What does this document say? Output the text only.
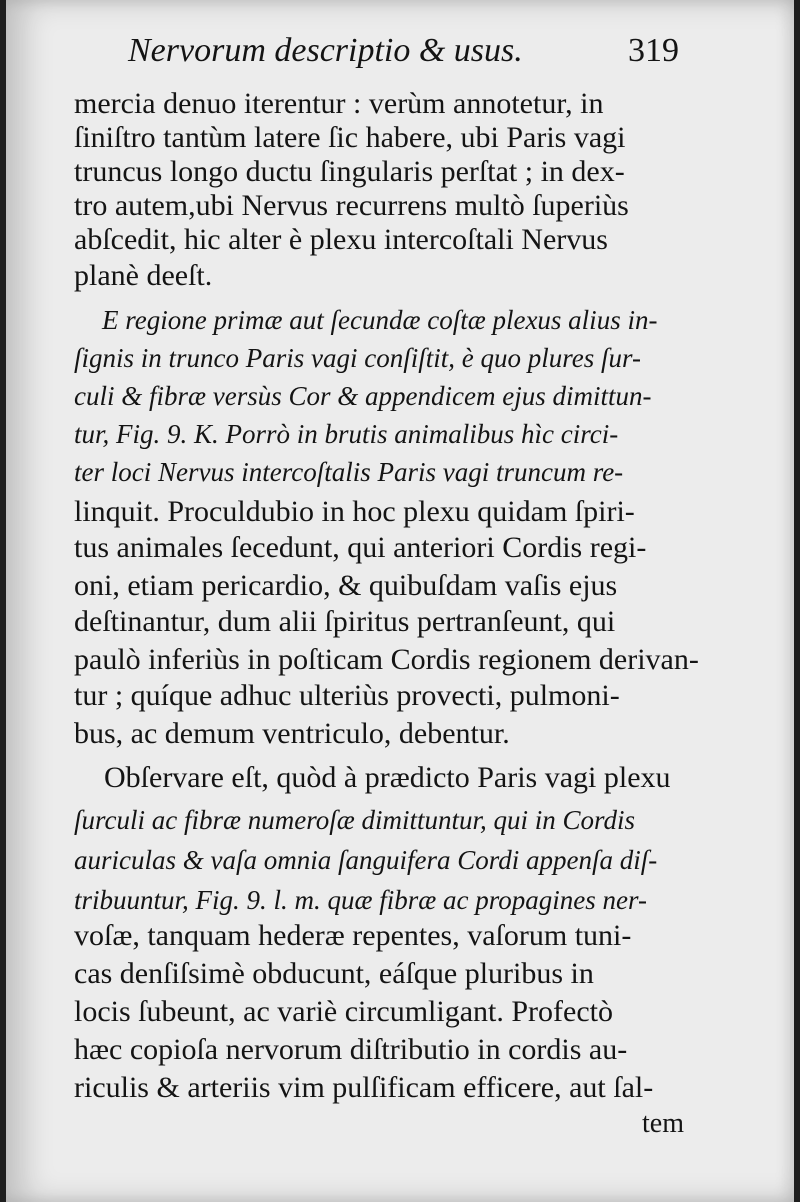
Nervorum descriptio & usus.	319

mercia denuo iterentur : verùm annotetur, in

ſiniſtro tantùm latere ſic habere, ubi Paris vagi

truncus longo ductu ſingularis perſtat ; in dex-

tro autem,ubi Nervus recurrens multò ſuperiùs

abſcedit, hic alter è plexu intercoſtali Nervus

planè deeſt.

E regione primæ aut ſecundæ coſtæ plexus alius in-

ſignis in trunco Paris vagi conſiſtit, è quo plures ſur-

culi & fibræ versùs Cor & appendicem ejus dimittun-

tur, Fig. 9. K. Porrò in brutis animalibus hìc circi-

ter loci Nervus intercoſtalis Paris vagi truncum re-

linquit. Proculdubio in hoc plexu quidam ſpiri-

tus animales ſecedunt, qui anteriori Cordis regi-

oni, etiam pericardio, & quibuſdam vaſis ejus

deſtinantur, dum alii ſpiritus pertranſeunt, qui

paulò inferiùs in poſticam Cordis regionem derivan-

tur ; quíque adhuc ulteriùs provecti, pulmoni-

bus, ac demum ventriculo, debentur.

Obſervare eſt, quòd à prædicto Paris vagi plexu

ſurculi ac fibræ numeroſæ dimittuntur, qui in Cordis

auriculas & vaſa omnia ſanguifera Cordi appenſa diſ-

tribuuntur, Fig. 9. l. m. quæ fibræ ac propagines ner-

voſæ, tanquam hederæ repentes, vaſorum tuni-

cas denſiſsimè obducunt, eáſque pluribus in

locis ſubeunt, ac variè circumligant. Profectò

hæc copioſa nervorum diſtributio in cordis au-

riculis & arteriis vim pulſificam efficere, aut ſal-

tem
